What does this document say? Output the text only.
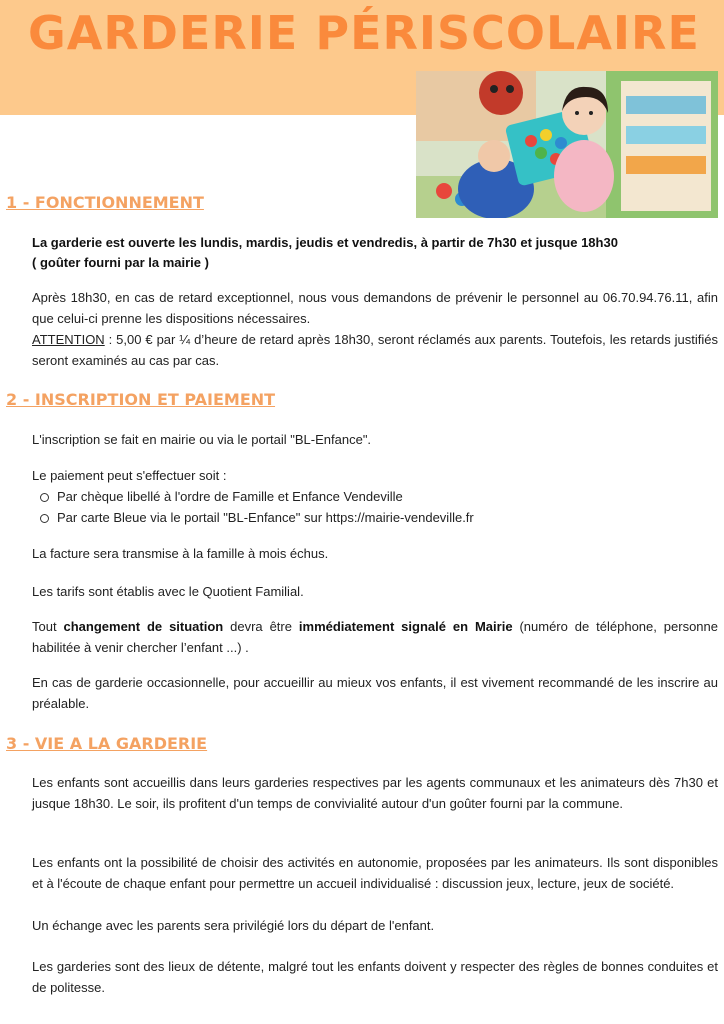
GARDERIE PÉRISCOLAIRE
1 - FONCTIONNEMENT

La garderie est ouverte les lundis, mardis, jeudis et vendredis, à partir de 7h30 et jusque 18h30

( goûter fourni par la mairie )

Après 18h30, en cas de retard exceptionnel, nous vous demandons de prévenir le personnel au 06.70.94.76.11, afin que celui-ci prenne les dispositions nécessaires.

ATTENTION : 5,00 € par ¼ d’heure de retard après 18h30, seront réclamés aux parents. Toutefois, les retards justifiés seront examinés au cas par cas.

2 - INSCRIPTION ET PAIEMENT

L'inscription se fait en mairie ou via le portail "BL-Enfance".

Le paiement peut s'effectuer soit :

Par chèque libellé à l'ordre de Famille et Enfance Vendeville
Par carte Bleue via le portail "BL-Enfance" sur https://mairie-vendeville.fr

La facture sera transmise à la famille à mois échus.

Les tarifs sont établis avec le Quotient Familial.

Tout changement de situation devra être immédiatement signalé en Mairie (numéro de téléphone, personne habilitée à venir chercher l’enfant ...) .

En cas de garderie occasionnelle, pour accueillir au mieux vos enfants, il est vivement recommandé de les inscrire au préalable.

3 - VIE A LA GARDERIE

Les enfants sont accueillis dans leurs garderies respectives par les agents communaux et les animateurs dès 7h30 et jusque 18h30. Le soir, ils profitent d'un temps de convivialité autour d'un goûter fourni par la commune.

Les enfants ont la possibilité de choisir des activités en autonomie, proposées par les animateurs. Ils sont disponibles et à l'écoute de chaque enfant pour permettre un accueil individualisé : discussion jeux, lecture, jeux de société.

Un échange avec les parents sera privilégié lors du départ de l'enfant.

Les garderies sont des lieux de détente, malgré tout les enfants doivent y respecter des règles de bonnes conduites et de politesse.
